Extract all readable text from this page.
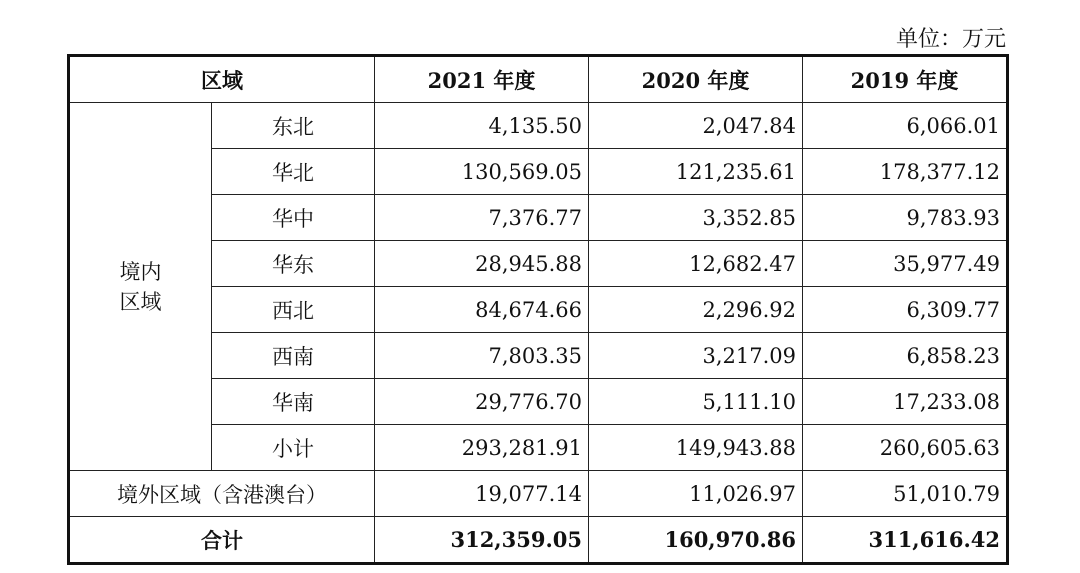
单位：万元
区域		2021 年度	2020 年度	2019 年度

境内
区域	东北	4,135.50	2,047.84	6,066.01
	华北	130,569.05	121,235.61	178,377.12
	华中	7,376.77	3,352.85	9,783.93
	华东	28,945.88	12,682.47	35,977.49
	西北	84,674.66	2,296.92	6,309.77
	西南	7,803.35	3,217.09	6,858.23
	华南	29,776.70	5,111.10	17,233.08
	小计	293,281.91	149,943.88	260,605.63
境外区域（含港澳台）		19,077.14	11,026.97	51,010.79
合计		312,359.05	160,970.86	311,616.42
